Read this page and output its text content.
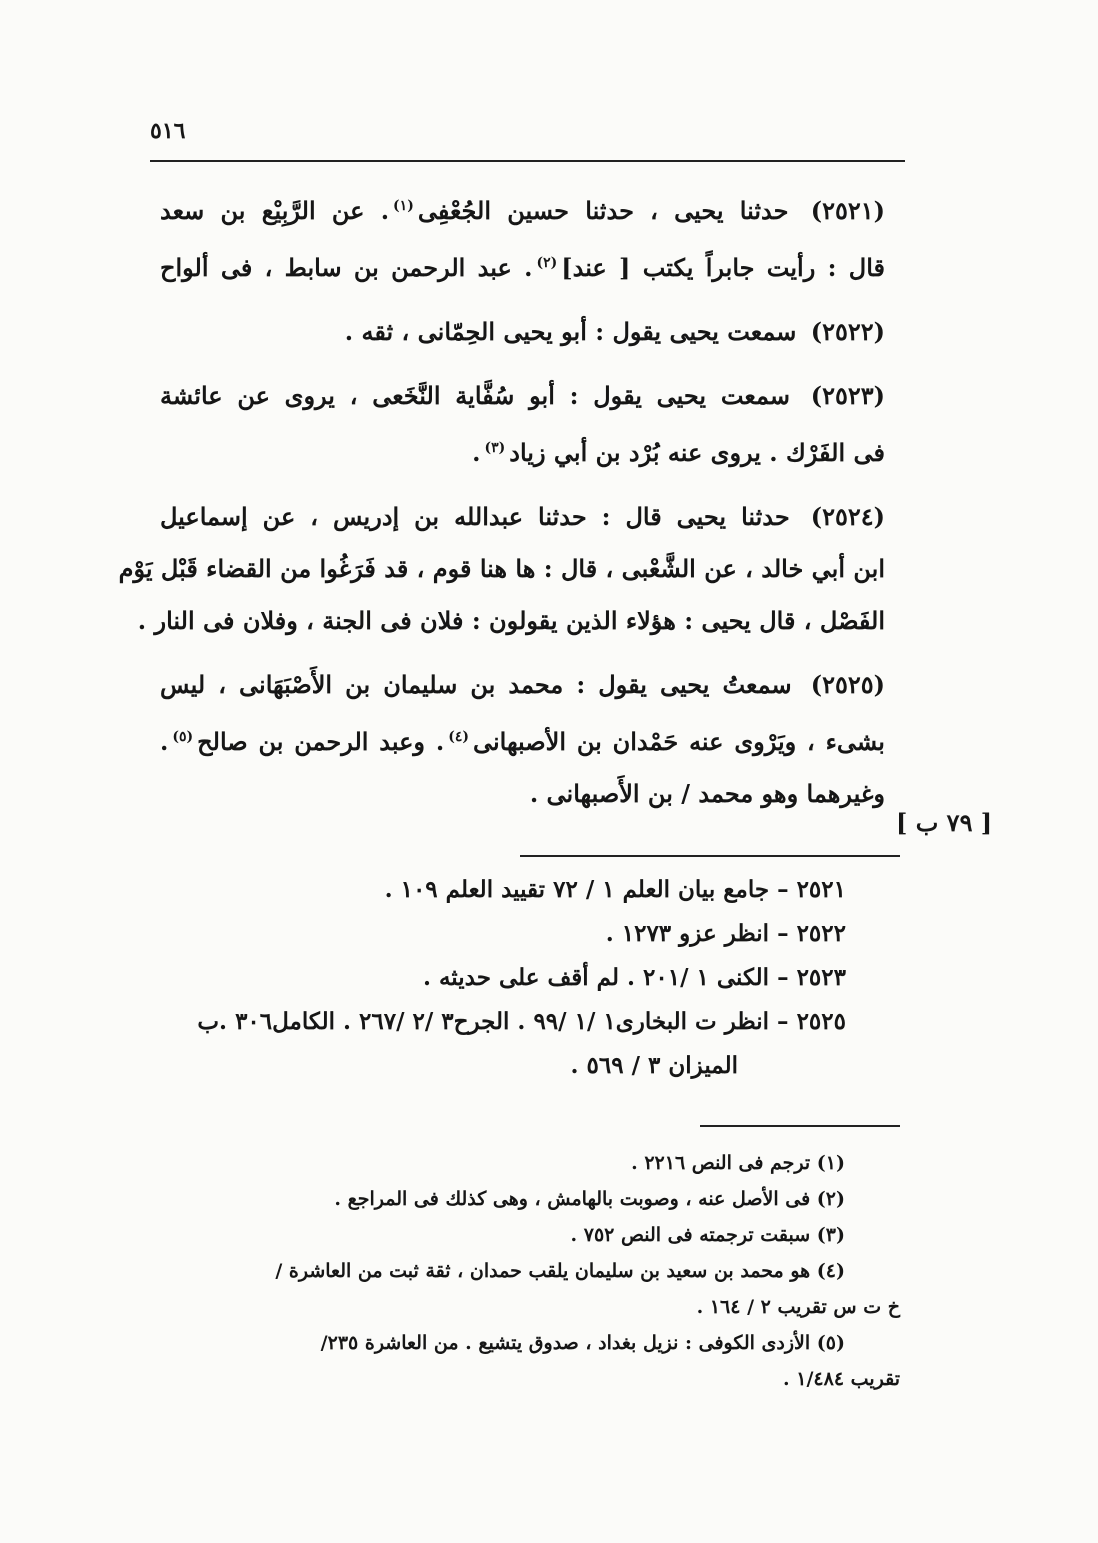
٥١٦
(٢٥٢١) حدثنا يحيى ، حدثنا حسين الجُعْفِى$^{(١)}$. عن الرَّبِيْع بن سعد
قال : رأيت جابراً يكتب [ عند]$^{(٢)}$. عبد الرحمن بن سابط ، فى ألواح
(٢٥٢٢) سمعت يحيى يقول : أبو يحيى الحِمّانى ، ثقه .
(٢٥٢٣) سمعت يحيى يقول : أبو سُفَّاية النَّخَعى ، يروى عن عائشة
فى الفَرْك . يروى عنه بُرْد بن أبي زياد$^{(٣)}$.
(٢٥٢٤) حدثنا يحيى قال : حدثنا عبدالله بن إدريس ، عن إسماعيل
ابن أبي خالد ، عن الشَّعْبى ، قال : ها هنا قوم ، قد فَرَغُوا من القضاء قَبْل يَوْم
الفَصْل ، قال يحيى : هؤلاء الذين يقولون : فلان فى الجنة ، وفلان فى النار .
(٢٥٢٥) سمعتُ يحيى يقول : محمد بن سليمان بن الأَصْبَهَانى ، ليس
بشىء ، ويَرْوى عنه حَمْدان بن الأصبهانى$^{(٤)}$. وعبد الرحمن بن صالح$^{(٥)}$.
وغيرهما وهو محمد / بن الأَصبهانى .
[ ٧٩ ب ]
٢٥٢١ – جامع بيان العلم ١ / ٧٢ تقييد العلم ١٠٩ .
٢٥٢٢ – انظر عزو ١٢٧٣ .
٢٥٢٣ – الكنى ١ /٢٠١ . لم أقف على حديثه .
٢٥٢٥ – انظر ت البخارى١ /١ /٩٩ . الجرح٣ /٢ /٢٦٧ . الكامل٣٠٦ .ب
الميزان ٣ / ٥٦٩ .
(١) ترجم فى النص ٢٢١٦ .
(٢) فى الأصل عنه ، وصوبت بالهامش ، وهى كذلك فى المراجع .
(٣) سبقت ترجمته فى النص ٧٥٢ .
(٤) هو محمد بن سعيد بن سليمان يلقب حمدان ، ثقة ثبت من العاشرة /
خ ت س تقريب ٢ / ١٦٤ .
(٥) الأزدى الكوفى : نزيل بغداد ، صدوق يتشيع . من العاشرة ٢٣٥/
تقريب ١/٤٨٤ .
